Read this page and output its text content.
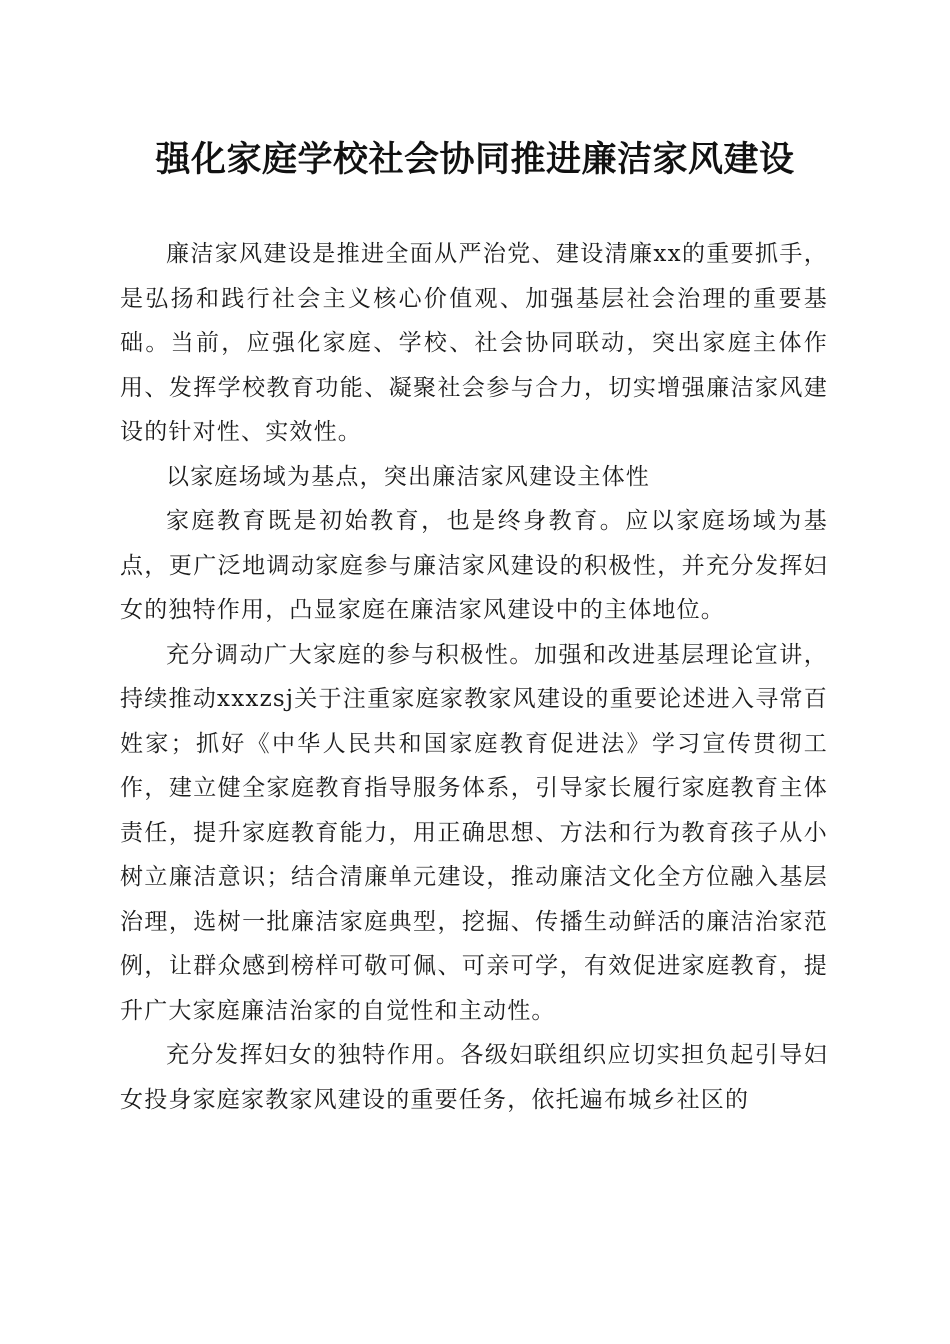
强化家庭学校社会协同推进廉洁家风建设

廉洁家风建设是推进全面从严治党、建设清廉xx的重要抓手，是弘扬和践行社会主义核心价值观、加强基层社会治理的重要基础。当前，应强化家庭、学校、社会协同联动，突出家庭主体作用、发挥学校教育功能、凝聚社会参与合力，切实增强廉洁家风建设的针对性、实效性。

以家庭场域为基点，突出廉洁家风建设主体性

家庭教育既是初始教育，也是终身教育。应以家庭场域为基点，更广泛地调动家庭参与廉洁家风建设的积极性，并充分发挥妇女的独特作用，凸显家庭在廉洁家风建设中的主体地位。

充分调动广大家庭的参与积极性。加强和改进基层理论宣讲，持续推动xxxzsj关于注重家庭家教家风建设的重要论述进入寻常百姓家；抓好《中华人民共和国家庭教育促进法》学习宣传贯彻工作，建立健全家庭教育指导服务体系，引导家长履行家庭教育主体责任，提升家庭教育能力，用正确思想、方法和行为教育孩子从小树立廉洁意识；结合清廉单元建设，推动廉洁文化全方位融入基层治理，选树一批廉洁家庭典型，挖掘、传播生动鲜活的廉洁治家范例，让群众感到榜样可敬可佩、可亲可学，有效促进家庭教育，提升广大家庭廉洁治家的自觉性和主动性。

充分发挥妇女的独特作用。各级妇联组织应切实担负起引导妇女投身家庭家教家风建设的重要任务，依托遍布城乡社区的
